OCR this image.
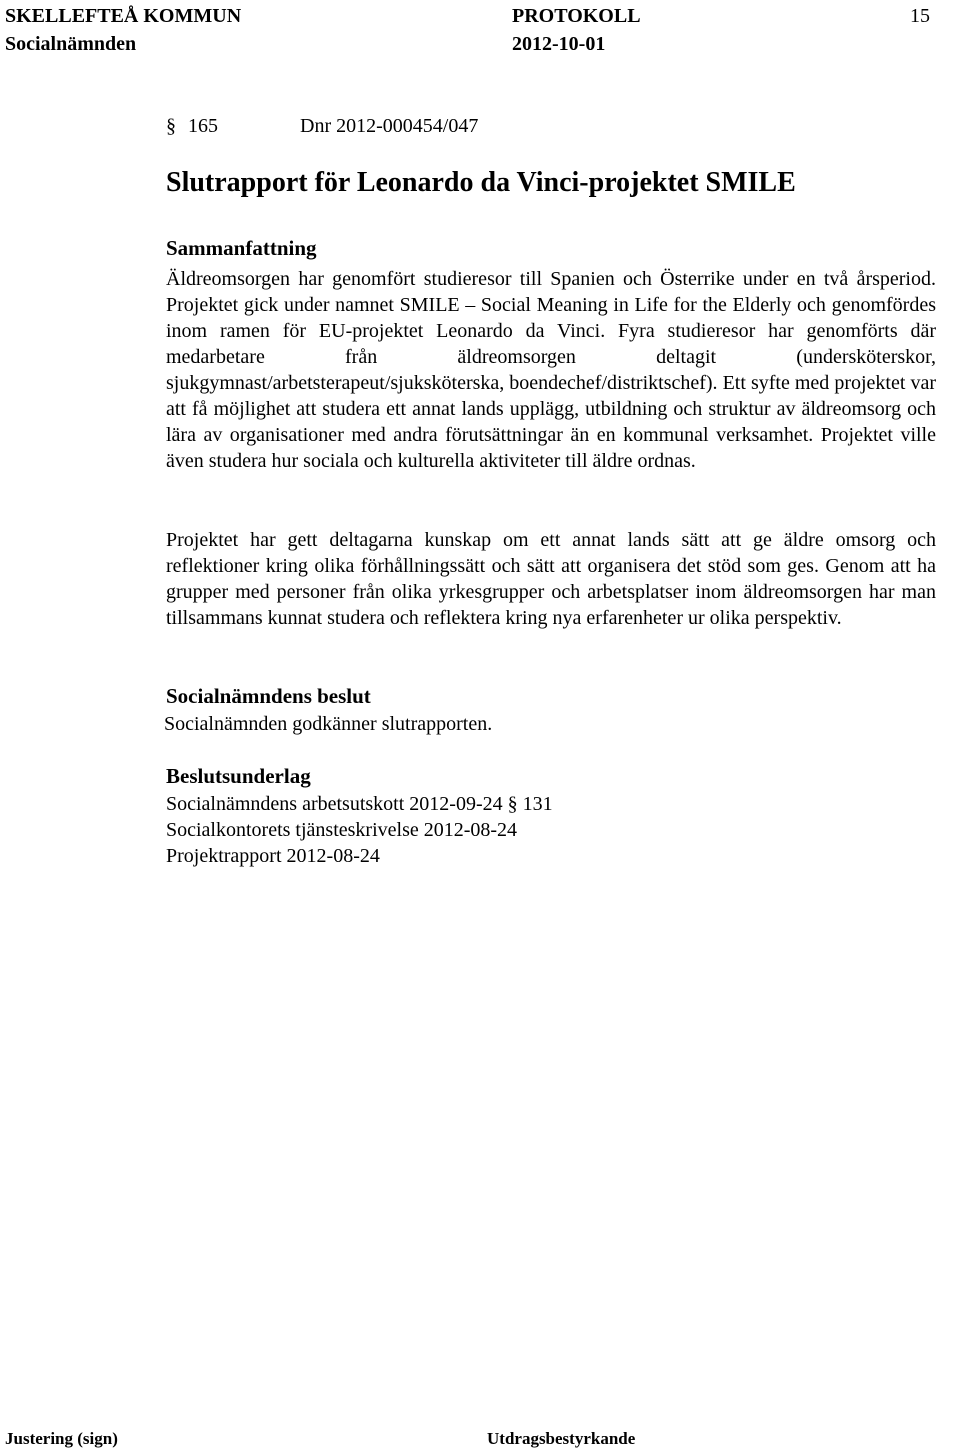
SKELLEFTEÅ KOMMUN	PROTOKOLL	15
Socialnämnden	2012-10-01
§ 165	Dnr 2012-000454/047
Slutrapport för Leonardo da Vinci-projektet SMILE
Sammanfattning
Äldreomsorgen har genomfört studieresor till Spanien och Österrike under en två årsperiod. Projektet gick under namnet SMILE – Social Meaning in Life for the Elderly och genomfördes inom ramen för EU-projektet Leonardo da Vinci. Fyra studieresor har genomförts där medarbetare från äldreomsorgen deltagit (undersköterskor, sjukgymnast/arbetsterapeut/sjuksköterska, boendechef/distriktschef). Ett syfte med projektet var att få möjlighet att studera ett annat lands upplägg, utbildning och struktur av äldreomsorg och lära av organisationer med andra förutsättningar än en kommunal verksamhet. Projektet ville även studera hur sociala och kulturella aktiviteter till äldre ordnas.
Projektet har gett deltagarna kunskap om ett annat lands sätt att ge äldre omsorg och reflektioner kring olika förhållningssätt och sätt att organisera det stöd som ges. Genom att ha grupper med personer från olika yrkesgrupper och arbetsplatser inom äldreomsorgen har man tillsammans kunnat studera och reflektera kring nya erfarenheter ur olika perspektiv.
Socialnämndens beslut
Socialnämnden godkänner slutrapporten.
Beslutsunderlag
Socialnämndens arbetsutskott 2012-09-24 § 131
Socialkontorets tjänsteskrivelse 2012-08-24
Projektrapport 2012-08-24
Justering (sign)	Utdragsbestyrkande
